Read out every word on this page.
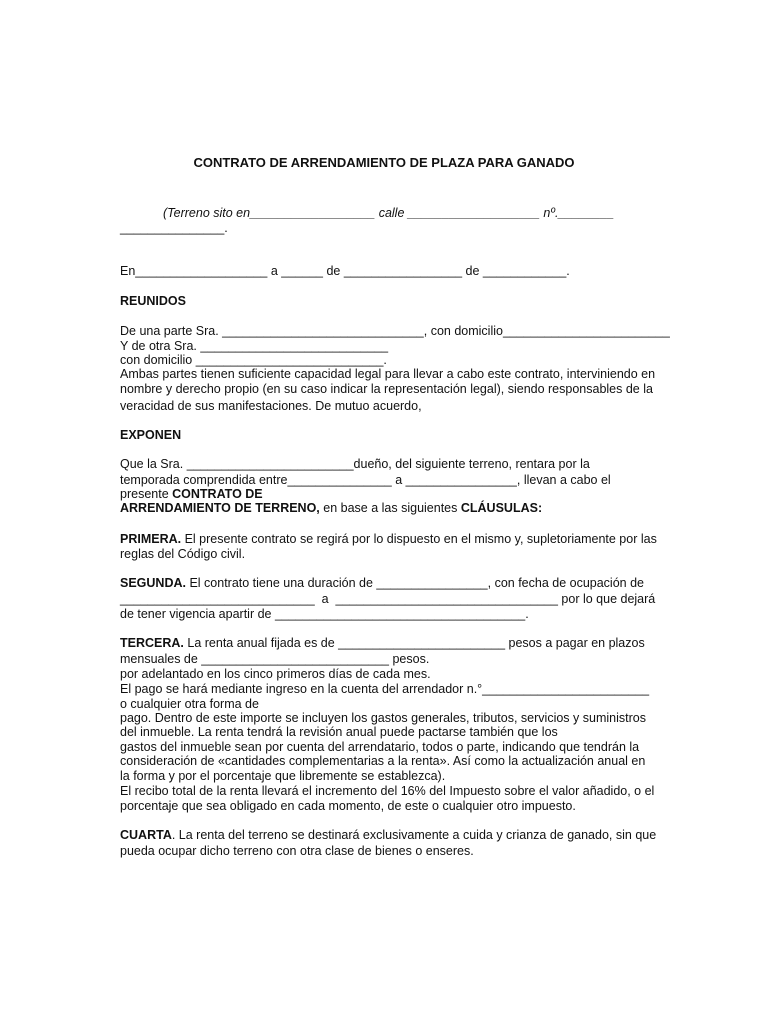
CONTRATO DE ARRENDAMIENTO DE PLAZA PARA GANADO
(Terreno sito en__________________ calle ___________________ nº.________
_______________.
En___________________ a ______ de _________________ de ____________.
REUNIDOS
De una parte Sra. _____________________________, con domicilio________________________
Y de otra Sra. ___________________________
con domicilio ___________________________.
Ambas partes tienen suficiente capacidad legal para llevar a cabo este contrato, interviniendo en
nombre y derecho propio (en su caso indicar la representación legal), siendo responsables de la
veracidad de sus manifestaciones. De mutuo acuerdo,
EXPONEN
Que la Sra. ________________________dueño, del siguiente terreno, rentara por la
temporada comprendida entre_______________ a ________________, llevan a cabo el
presente CONTRATO DE
ARRENDAMIENTO DE TERRENO, en base a las siguientes CLÁUSULAS:
PRIMERA. El presente contrato se regirá por lo dispuesto en el mismo y, supletoriamente por las
reglas del Código civil.
SEGUNDA. El contrato tiene una duración de ________________, con fecha de ocupación de
____________________________  a  ________________________________ por lo que dejará
de tener vigencia apartir de ____________________________________.
TERCERA. La renta anual fijada es de ________________________ pesos a pagar en plazos
mensuales de ___________________________ pesos.
por adelantado en los cinco primeros días de cada mes.
El pago se hará mediante ingreso en la cuenta del arrendador n.°________________________
o cualquier otra forma de
pago. Dentro de este importe se incluyen los gastos generales, tributos, servicios y suministros
del inmueble. La renta tendrá la revisión anual puede pactarse también que los
gastos del inmueble sean por cuenta del arrendatario, todos o parte, indicando que tendrán la
consideración de «cantidades complementarias a la renta». Así como la actualización anual en
la forma y por el porcentaje que libremente se establezca).
El recibo total de la renta llevará el incremento del 16% del Impuesto sobre el valor añadido, o el
porcentaje que sea obligado en cada momento, de este o cualquier otro impuesto.
CUARTA. La renta del terreno se destinará exclusivamente a cuida y crianza de ganado, sin que
pueda ocupar dicho terreno con otra clase de bienes o enseres.
